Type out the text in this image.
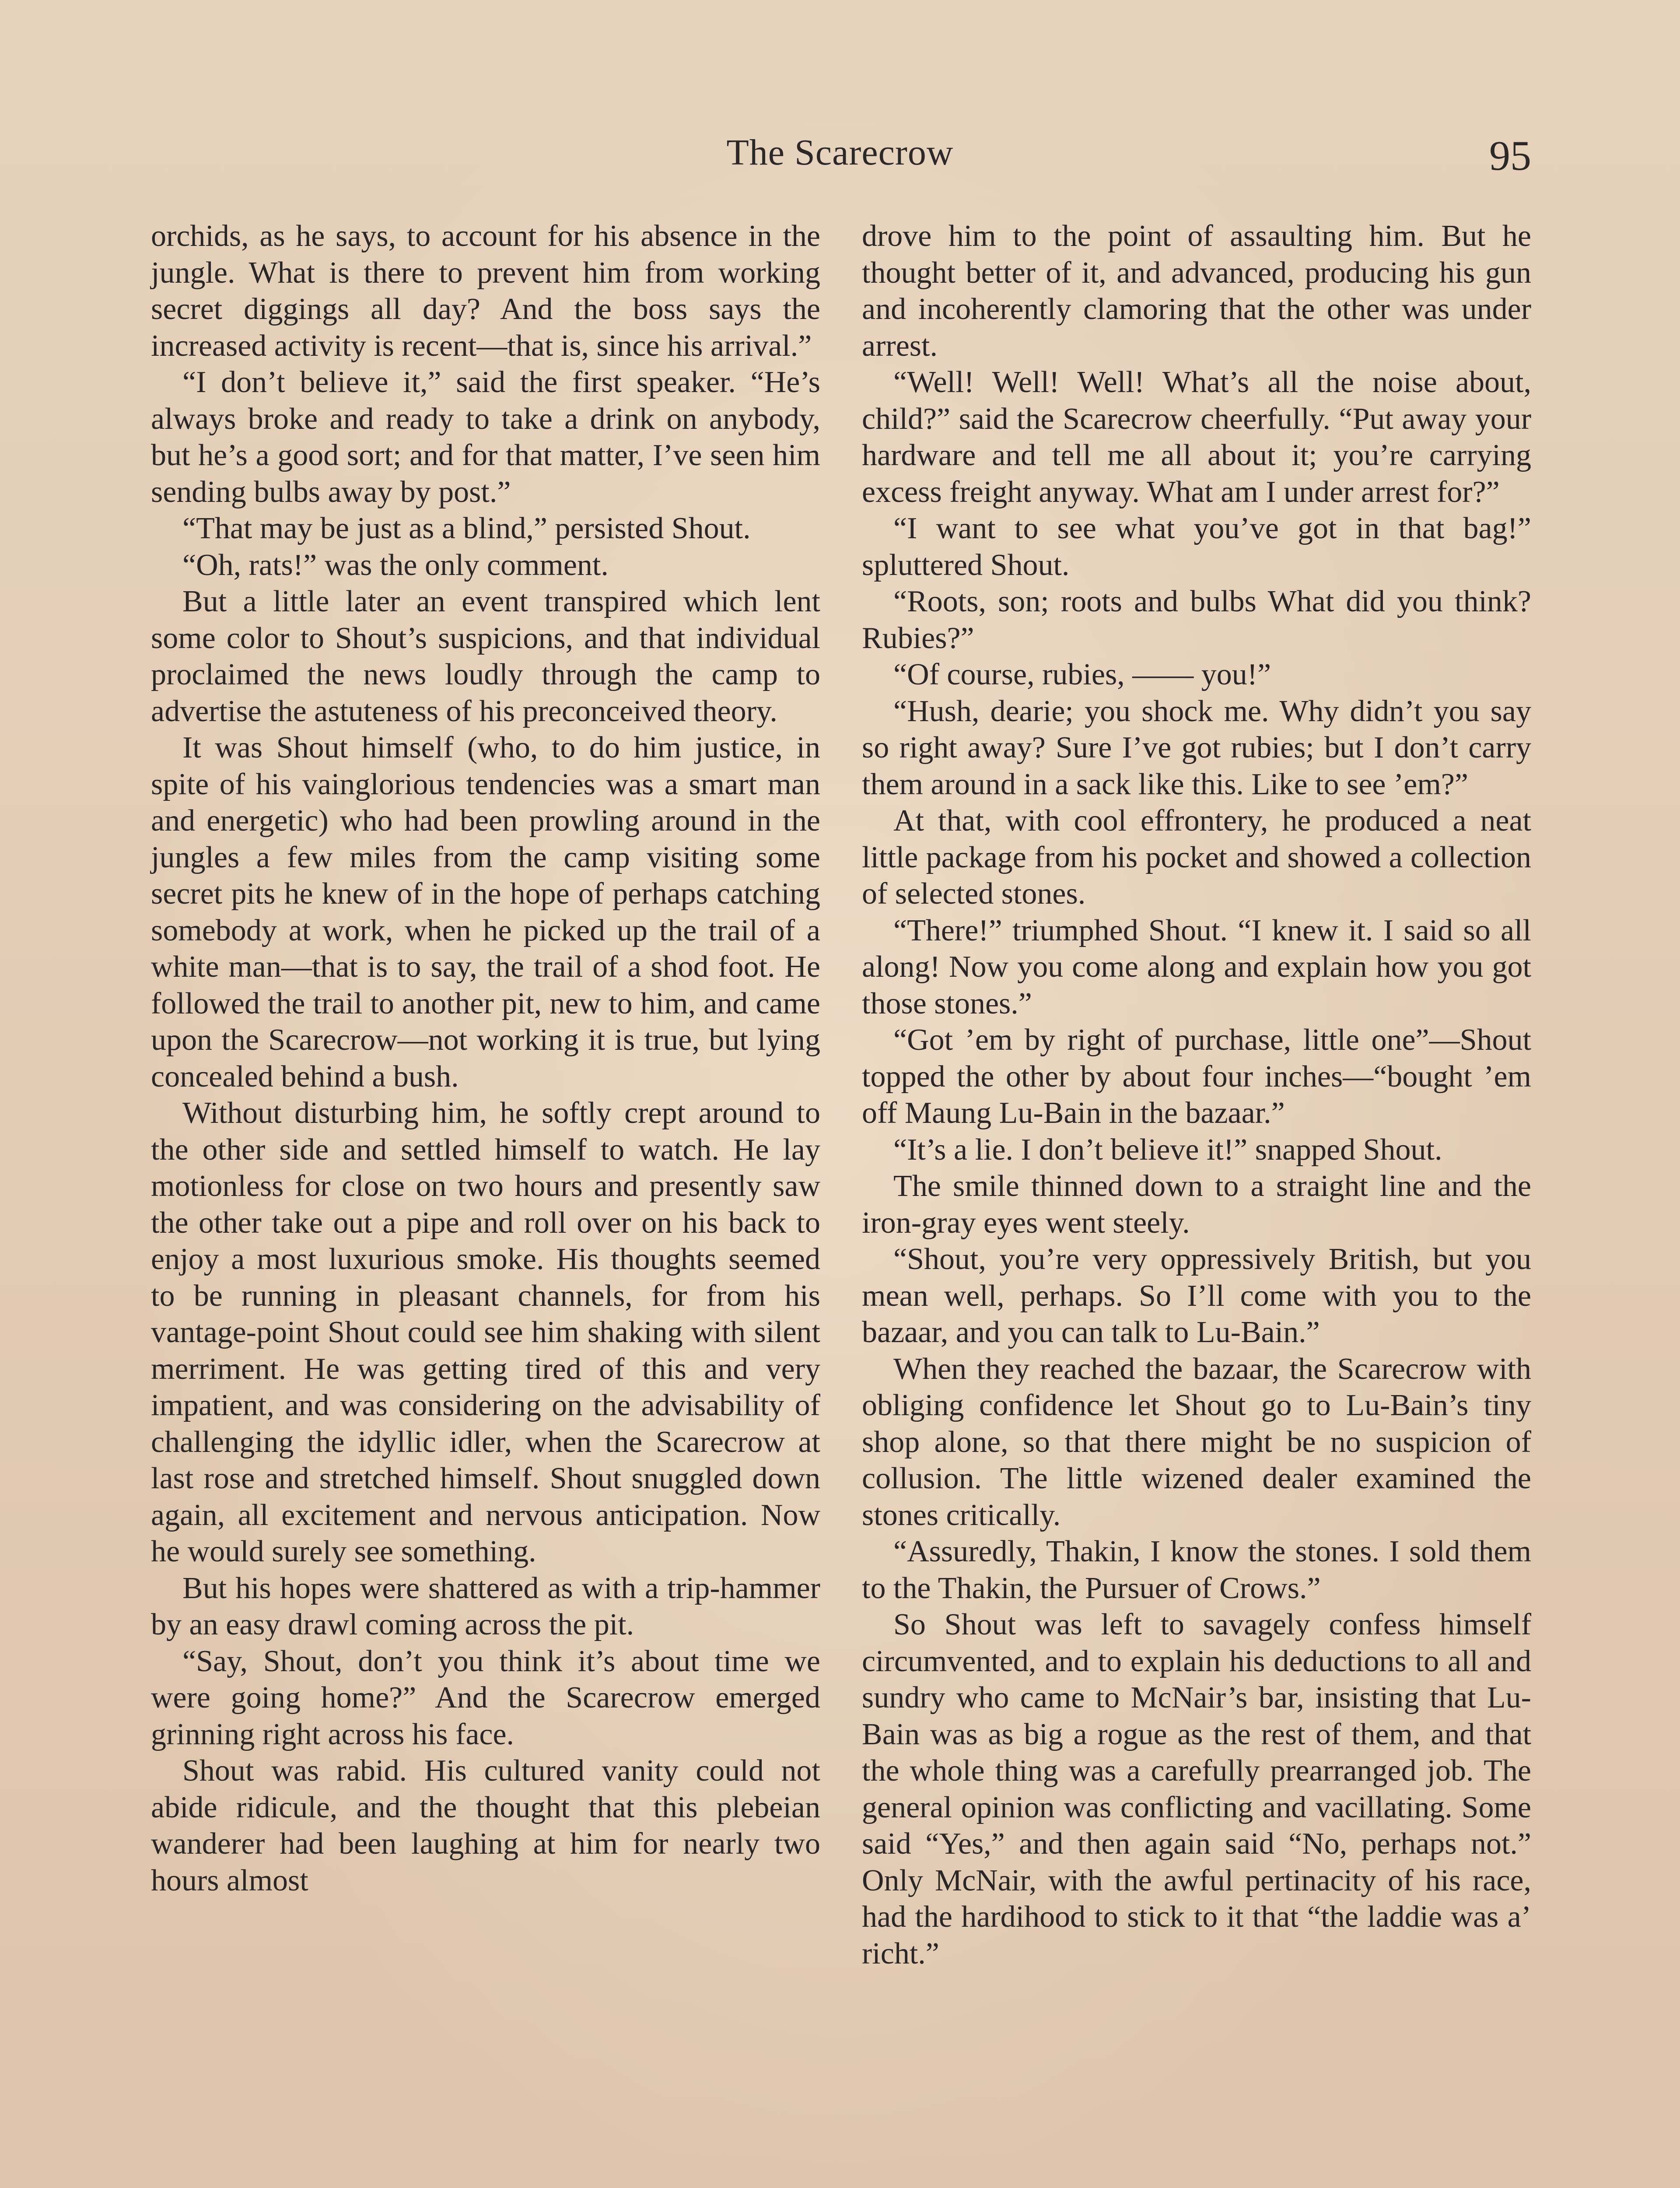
The Scarecrow	95

orchids, as he says, to account for his absence in the jungle. What is there to prevent him from working secret diggings all day? And the boss says the increased activity is recent—that is, since his arrival.”

“I don’t believe it,” said the first speaker. “He’s always broke and ready to take a drink on anybody, but he’s a good sort; and for that matter, I’ve seen him sending bulbs away by post.”

“That may be just as a blind,” persisted Shout.

“Oh, rats!” was the only comment.

But a little later an event transpired which lent some color to Shout’s suspicions, and that individual proclaimed the news loudly through the camp to advertise the astuteness of his preconceived theory.

It was Shout himself (who, to do him justice, in spite of his vainglorious tendencies was a smart man and energetic) who had been prowling around in the jungles a few miles from the camp visiting some secret pits he knew of in the hope of perhaps catching somebody at work, when he picked up the trail of a white man—that is to say, the trail of a shod foot. He followed the trail to another pit, new to him, and came upon the Scarecrow—not working it is true, but lying concealed behind a bush.

Without disturbing him, he softly crept around to the other side and settled himself to watch. He lay motionless for close on two hours and presently saw the other take out a pipe and roll over on his back to enjoy a most luxurious smoke. His thoughts seemed to be running in pleasant channels, for from his vantage-point Shout could see him shaking with silent merriment. He was getting tired of this and very impatient, and was considering on the advisability of challenging the idyllic idler, when the Scarecrow at last rose and stretched himself. Shout snuggled down again, all excitement and nervous anticipation. Now he would surely see something.

But his hopes were shattered as with a trip-hammer by an easy drawl coming across the pit.

“Say, Shout, don’t you think it’s about time we were going home?” And the Scarecrow emerged grinning right across his face.

Shout was rabid. His cultured vanity could not abide ridicule, and the thought that this plebeian wanderer had been laughing at him for nearly two hours almost

drove him to the point of assaulting him. But he thought better of it, and advanced, producing his gun and incoherently clamoring that the other was under arrest.

“Well! Well! Well! What’s all the noise about, child?” said the Scarecrow cheerfully. “Put away your hardware and tell me all about it; you’re carrying excess freight anyway. What am I under arrest for?”

“I want to see what you’ve got in that bag!” spluttered Shout.

“Roots, son; roots and bulbs What did you think? Rubies?”

“Of course, rubies, —— you!”

“Hush, dearie; you shock me. Why didn’t you say so right away? Sure I’ve got rubies; but I don’t carry them around in a sack like this. Like to see ’em?”

At that, with cool effrontery, he produced a neat little package from his pocket and showed a collection of selected stones.

“There!” triumphed Shout. “I knew it. I said so all along! Now you come along and explain how you got those stones.”

“Got ’em by right of purchase, little one”—Shout topped the other by about four inches—“bought ’em off Maung Lu-Bain in the bazaar.”

“It’s a lie. I don’t believe it!” snapped Shout.

The smile thinned down to a straight line and the iron-gray eyes went steely.

“Shout, you’re very oppressively British, but you mean well, perhaps. So I’ll come with you to the bazaar, and you can talk to Lu-Bain.”

When they reached the bazaar, the Scarecrow with obliging confidence let Shout go to Lu-Bain’s tiny shop alone, so that there might be no suspicion of collusion. The little wizened dealer examined the stones critically.

“Assuredly, Thakin, I know the stones. I sold them to the Thakin, the Pursuer of Crows.”

So Shout was left to savagely confess himself circumvented, and to explain his deductions to all and sundry who came to McNair’s bar, insisting that Lu-Bain was as big a rogue as the rest of them, and that the whole thing was a carefully prearranged job. The general opinion was conflicting and vacillating. Some said “Yes,” and then again said “No, perhaps not.” Only McNair, with the awful pertinacity of his race, had the hardihood to stick to it that “the laddie was a’ richt.”
